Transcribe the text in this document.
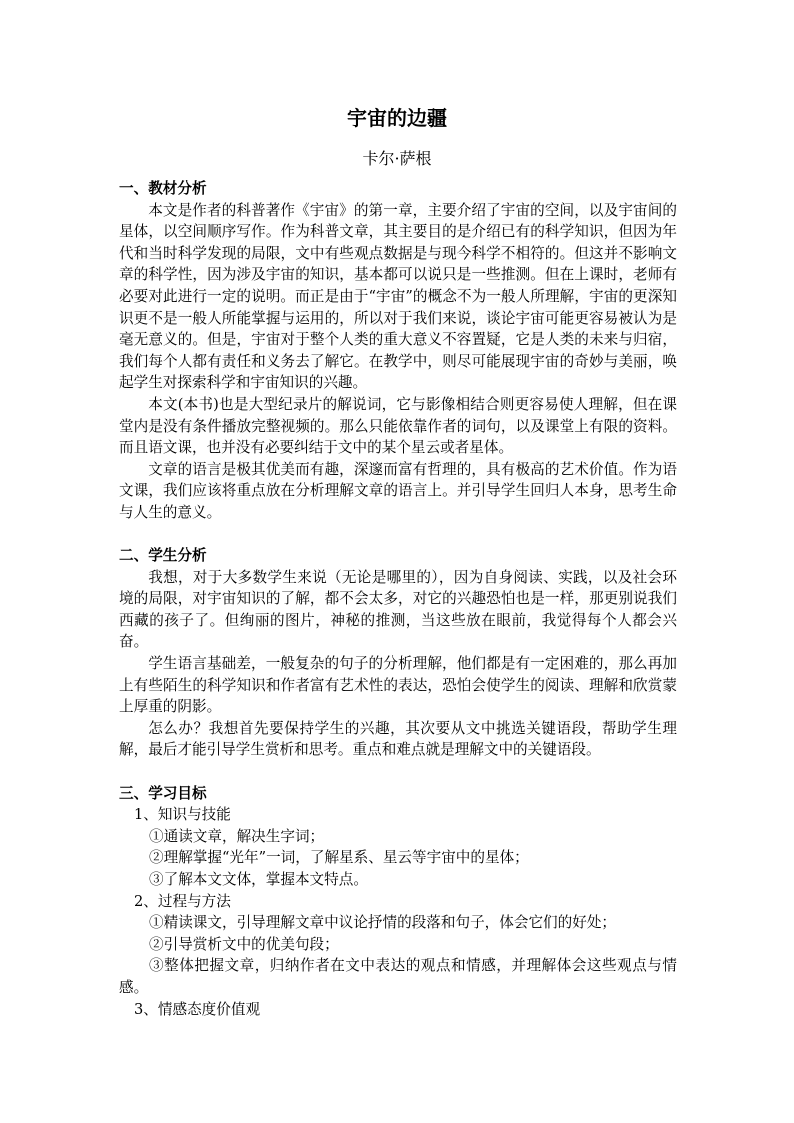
宇宙的边疆
卡尔·萨根

一、教材分析

本文是作者的科普著作《宇宙》的第一章，主要介绍了宇宙的空间，以及宇宙间的星体，以空间顺序写作。作为科普文章，其主要目的是介绍已有的科学知识，但因为年代和当时科学发现的局限，文中有些观点数据是与现今科学不相符的。但这并不影响文章的科学性，因为涉及宇宙的知识，基本都可以说只是一些推测。但在上课时，老师有必要对此进行一定的说明。而正是由于“宇宙”的概念不为一般人所理解，宇宙的更深知识更不是一般人所能掌握与运用的，所以对于我们来说，谈论宇宙可能更容易被认为是毫无意义的。但是，宇宙对于整个人类的重大意义不容置疑，它是人类的未来与归宿，我们每个人都有责任和义务去了解它。在教学中，则尽可能展现宇宙的奇妙与美丽，唤起学生对探索科学和宇宙知识的兴趣。

本文(本书)也是大型纪录片的解说词，它与影像相结合则更容易使人理解，但在课堂内是没有条件播放完整视频的。那么只能依靠作者的词句，以及课堂上有限的资料。而且语文课，也并没有必要纠结于文中的某个星云或者星体。

文章的语言是极其优美而有趣，深邃而富有哲理的，具有极高的艺术价值。作为语文课，我们应该将重点放在分析理解文章的语言上。并引导学生回归人本身，思考生命与人生的意义。

二、学生分析

我想，对于大多数学生来说（无论是哪里的），因为自身阅读、实践，以及社会环境的局限，对宇宙知识的了解，都不会太多，对它的兴趣恐怕也是一样，那更别说我们西藏的孩子了。但绚丽的图片，神秘的推测，当这些放在眼前，我觉得每个人都会兴奋。

学生语言基础差，一般复杂的句子的分析理解，他们都是有一定困难的，那么再加上有些陌生的科学知识和作者富有艺术性的表达，恐怕会使学生的阅读、理解和欣赏蒙上厚重的阴影。

怎么办？我想首先要保持学生的兴趣，其次要从文中挑选关键语段，帮助学生理解，最后才能引导学生赏析和思考。重点和难点就是理解文中的关键语段。

三、学习目标

1、知识与技能

①通读文章，解决生字词；

②理解掌握“光年”一词，了解星系、星云等宇宙中的星体；

③了解本文文体，掌握本文特点。

2、过程与方法

①精读课文，引导理解文章中议论抒情的段落和句子，体会它们的好处；

②引导赏析文中的优美句段；

③整体把握文章，归纳作者在文中表达的观点和情感，并理解体会这些观点与情感。

3、情感态度价值观
